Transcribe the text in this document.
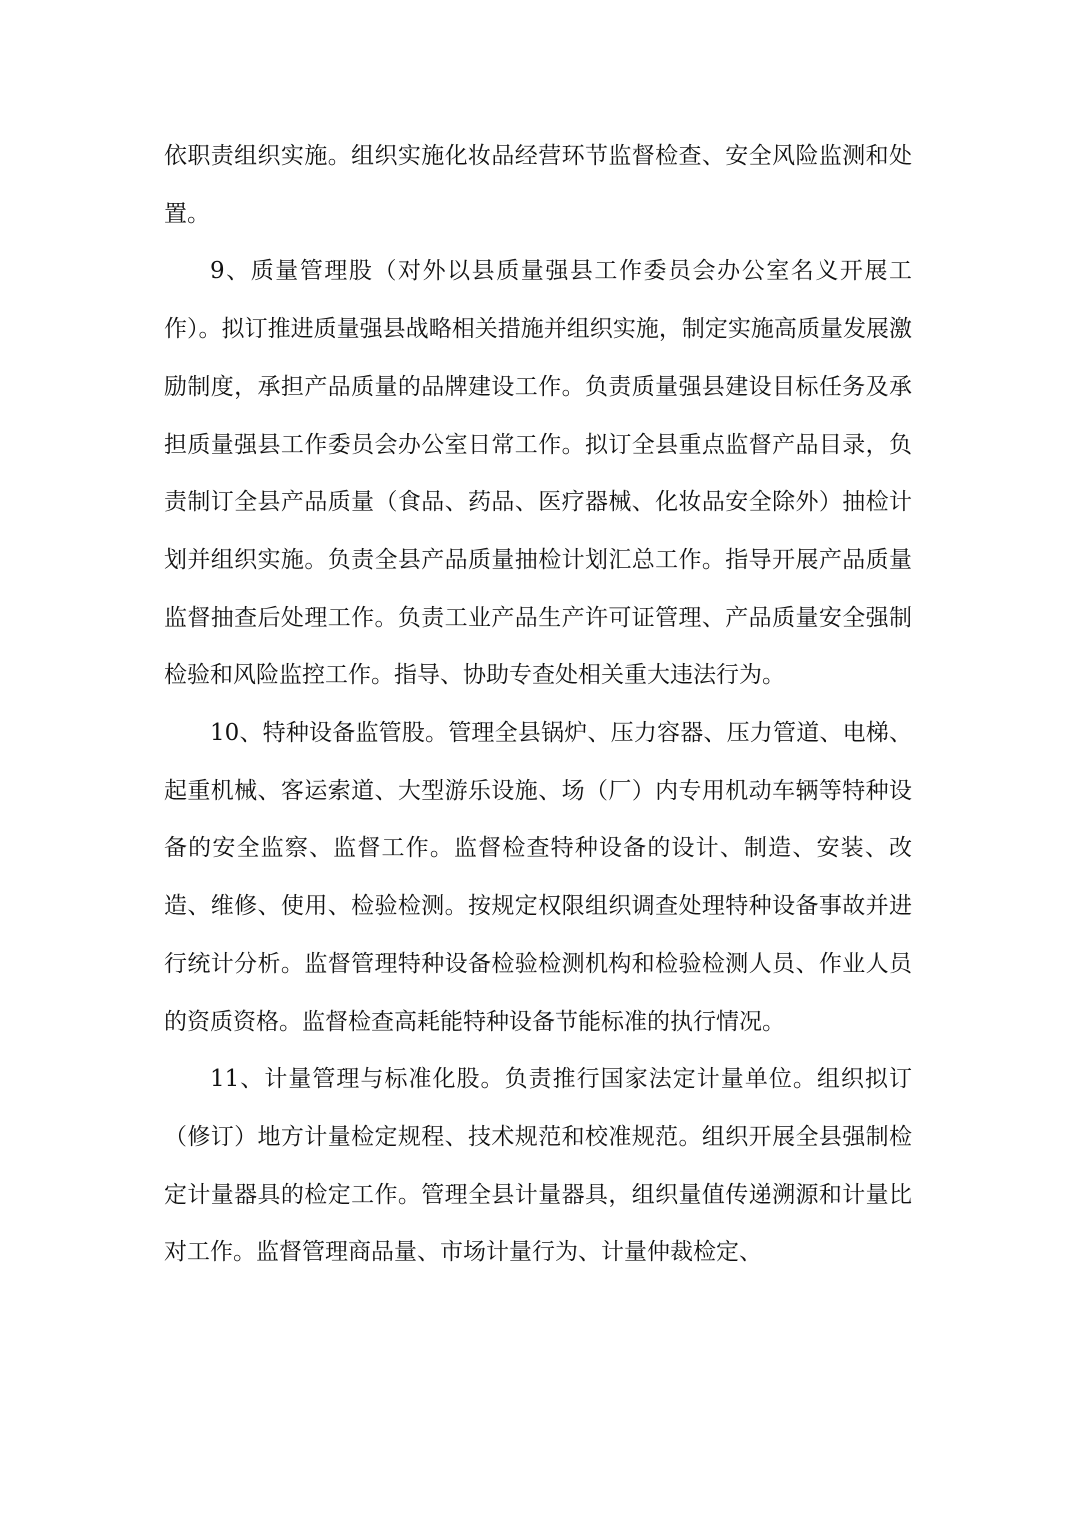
依职责组织实施。组织实施化妆品经营环节监督检查、安全风险监测和处置。

9、质量管理股（对外以县质量强县工作委员会办公室名义开展工作）。拟订推进质量强县战略相关措施并组织实施，制定实施高质量发展激励制度，承担产品质量的品牌建设工作。负责质量强县建设目标任务及承担质量强县工作委员会办公室日常工作。拟订全县重点监督产品目录，负责制订全县产品质量（食品、药品、医疗器械、化妆品安全除外）抽检计划并组织实施。负责全县产品质量抽检计划汇总工作。指导开展产品质量监督抽查后处理工作。负责工业产品生产许可证管理、产品质量安全强制检验和风险监控工作。指导、协助专查处相关重大违法行为。

10、特种设备监管股。管理全县锅炉、压力容器、压力管道、电梯、起重机械、客运索道、大型游乐设施、场（厂）内专用机动车辆等特种设备的安全监察、监督工作。监督检查特种设备的设计、制造、安装、改造、维修、使用、检验检测。按规定权限组织调查处理特种设备事故并进行统计分析。监督管理特种设备检验检测机构和检验检测人员、作业人员的资质资格。监督检查高耗能特种设备节能标准的执行情况。

11、计量管理与标准化股。负责推行国家法定计量单位。组织拟订（修订）地方计量检定规程、技术规范和校准规范。组织开展全县强制检定计量器具的检定工作。管理全县计量器具，组织量值传递溯源和计量比对工作。监督管理商品量、市场计量行为、计量仲裁检定、
